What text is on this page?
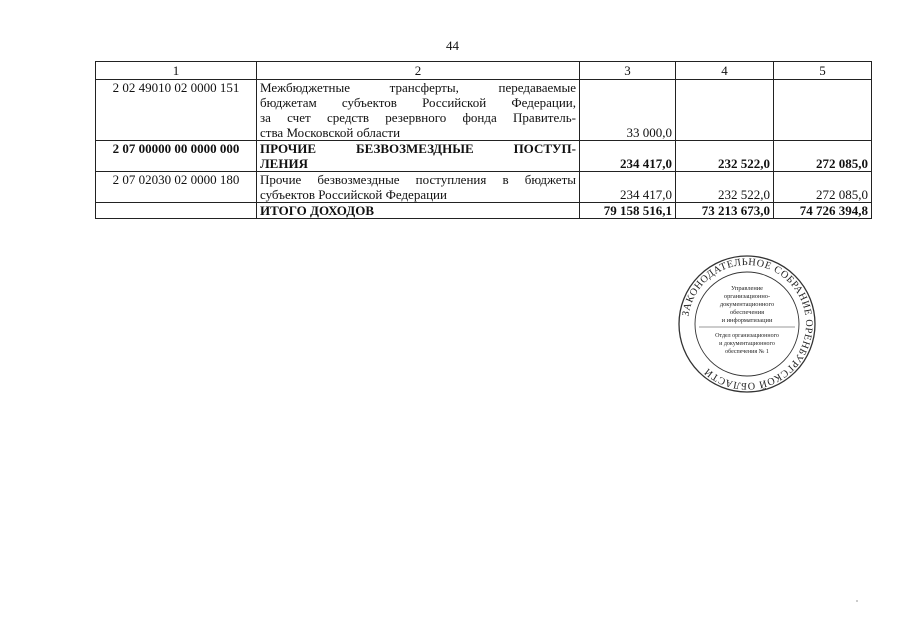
44
1	2	3	4	5
2 02 49010 02 0000 151	Межбюджетные трансферты, передаваемые
бюджетам субъектов Российской Федерации,
за счет средств резервного фонда Правитель-
ства Московской области	33 000,0		
2 07 00000 00 0000 000	ПРОЧИЕ БЕЗВОЗМЕЗДНЫЕ ПОСТУП-
ЛЕНИЯ	234 417,0	232 522,0	272 085,0
2 07 02030 02 0000 180	Прочие безвозмездные поступления в бюджеты
субъектов Российской Федерации	234 417,0	232 522,0	272 085,0

	ИТОГО ДОХОДОВ	79 158 516,1	73 213 673,0	74 726 394,8
ЗАКОНОДАТЕЛЬНОЕ СОБРАНИЕ ОРЕНБУРГСКОЙ ОБЛАСТИ
Управление
организационно-
документационного
обеспечения
и информатизации
Отдел организационного
и документационного
обеспечения № 1
